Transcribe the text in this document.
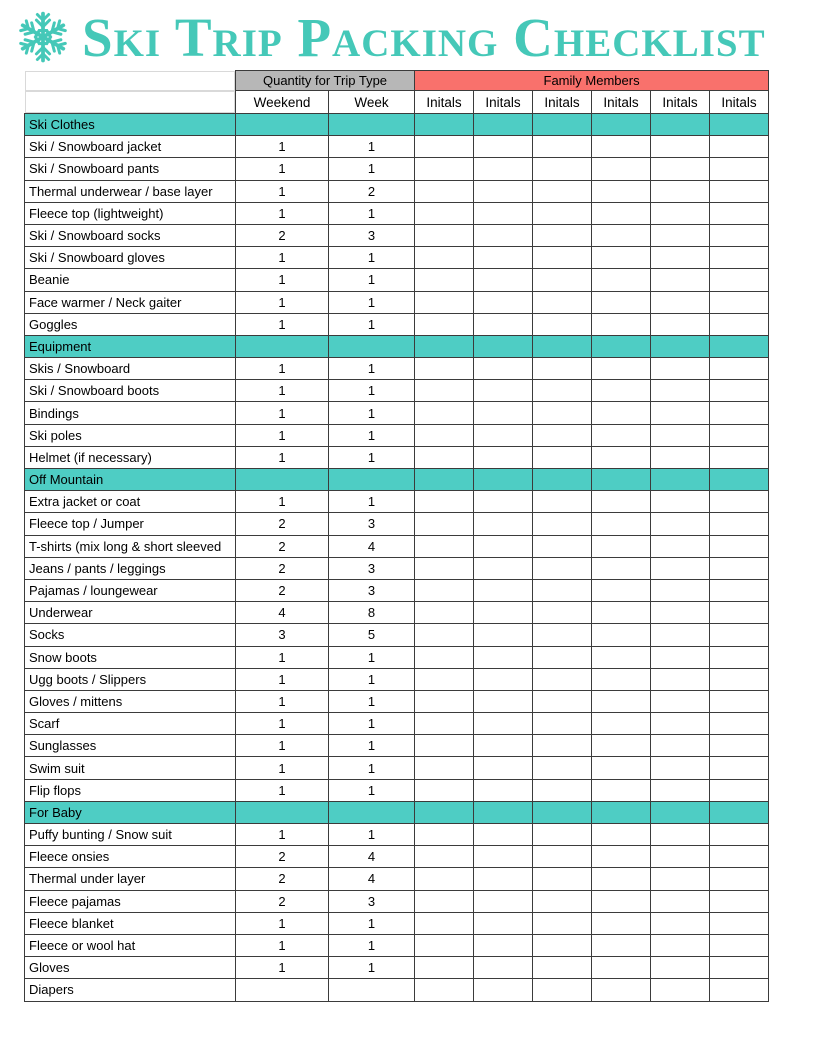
Ski Trip Packing Checklist
	Quantity for Trip Type		Family Members					
	Weekend	Week	Initals	Initals	Initals	Initals	Initals	Initals
Ski Clothes								
Ski / Snowboard jacket	1	1						
Ski / Snowboard pants	1	1						
Thermal underwear / base layer	1	2						
Fleece top (lightweight)	1	1						
Ski / Snowboard socks	2	3						
Ski / Snowboard gloves	1	1						
Beanie	1	1						
Face warmer / Neck gaiter	1	1						
Goggles	1	1						
Equipment								
Skis / Snowboard	1	1						
Ski / Snowboard boots	1	1						
Bindings	1	1						
Ski poles	1	1						
Helmet (if necessary)	1	1						
Off Mountain								
Extra jacket or coat	1	1						
Fleece top / Jumper	2	3						
T-shirts (mix long & short sleeved	2	4						
Jeans / pants / leggings	2	3						
Pajamas / loungewear	2	3						
Underwear	4	8						
Socks	3	5						
Snow boots	1	1						
Ugg boots / Slippers	1	1						
Gloves / mittens	1	1						
Scarf	1	1						
Sunglasses	1	1						
Swim suit	1	1						
Flip flops	1	1						
For Baby								
Puffy bunting / Snow suit	1	1						
Fleece onsies	2	4						
Thermal under layer	2	4						
Fleece pajamas	2	3						
Fleece blanket	1	1						
Fleece or wool hat	1	1						
Gloves	1	1						
Diapers								
